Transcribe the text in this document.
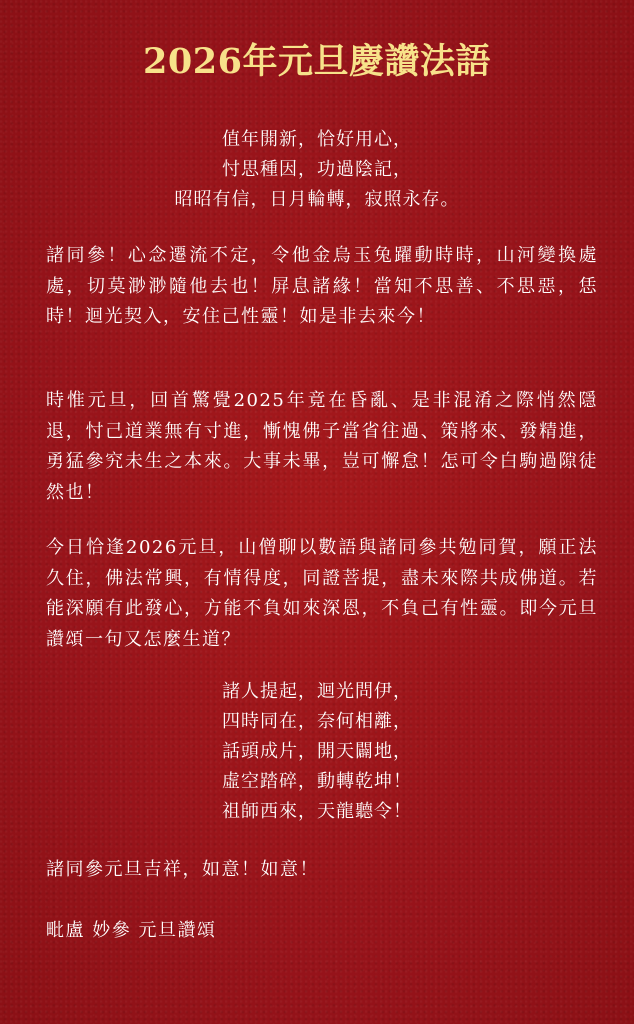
2026年元旦慶讚法語
值年開新，恰好用心，
忖思種因，功過陰記，
昭昭有信，日月輪轉，寂照永存。
諸同參！心念遷流不定，令他金烏玉兔躍動時時，山河變換處處，切莫渺渺隨他去也！屏息諸緣！當知不思善、不思惡，恁時！迴光契入，安住己性靈！如是非去來今！
時惟元旦，回首驚覺2025年竟在昏亂、是非混淆之際悄然隱退，忖己道業無有寸進，慚愧佛子當省往過、策將來、發精進，勇猛參究未生之本來。大事未畢，豈可懈怠！怎可令白駒過隙徒然也！
今日恰逢2026元旦，山僧聊以數語與諸同參共勉同賀，願正法久住，佛法常興，有情得度，同證菩提，盡未來際共成佛道。若能深願有此發心，方能不負如來深恩，不負己有性靈。即今元旦讚頌一句又怎麼生道？
諸人提起，迴光問伊，
四時同在，奈何相離，
話頭成片，開天闢地，
虛空踏碎，動轉乾坤！
祖師西來，天龍聽令！
諸同參元旦吉祥，如意！如意！
毗盧 妙參 元旦讚頌
